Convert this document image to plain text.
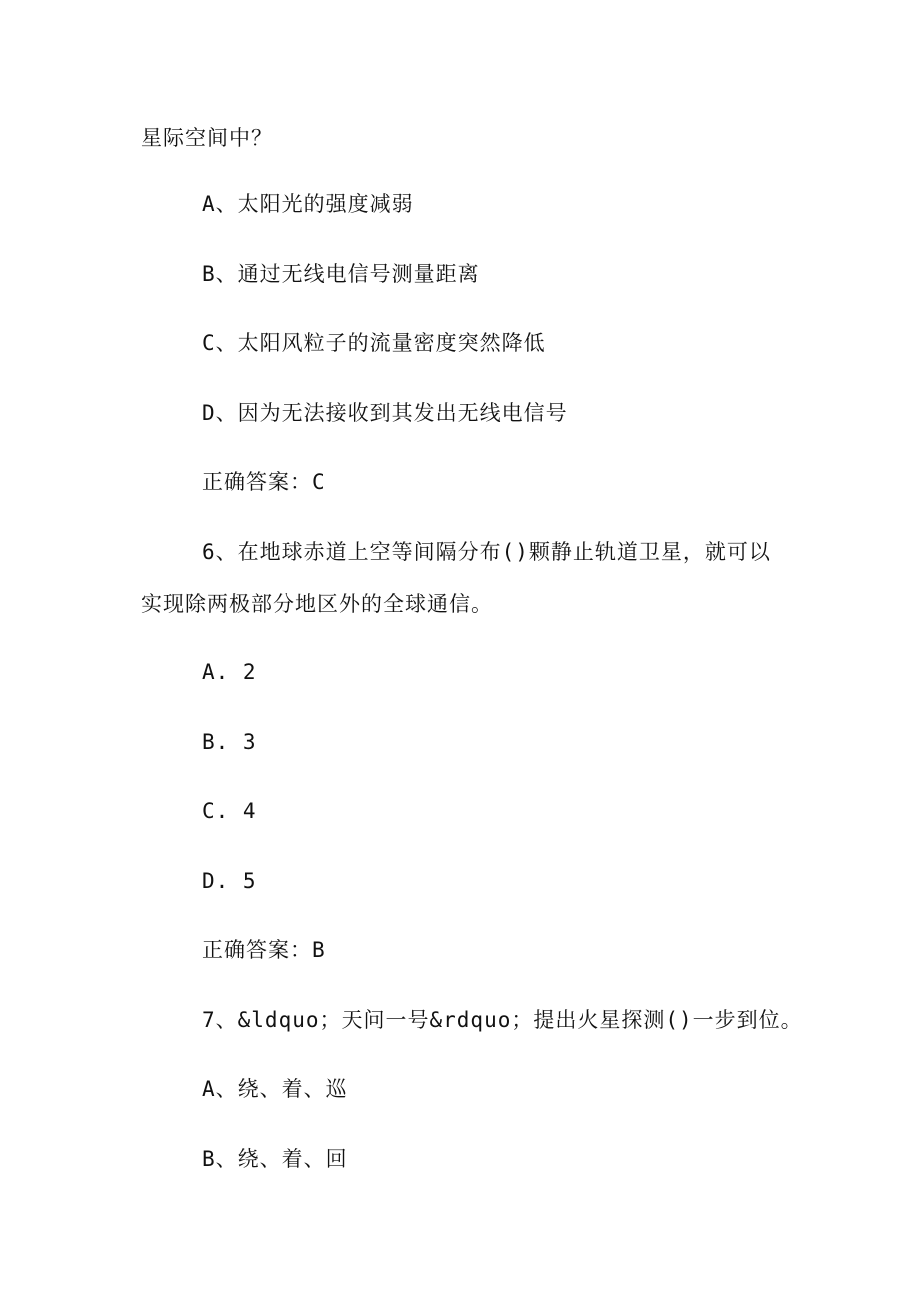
星际空间中？
A、太阳光的强度减弱
B、通过无线电信号测量距离
C、太阳风粒子的流量密度突然降低
D、因为无法接收到其发出无线电信号
正确答案：C
6、在地球赤道上空等间隔分布()颗静止轨道卫星，就可以
实现除两极部分地区外的全球通信。
A. 2
B. 3
C. 4
D. 5
正确答案：B
7、&ldquo；天问一号&rdquo；提出火星探测()一步到位。
A、绕、着、巡
B、绕、着、回
